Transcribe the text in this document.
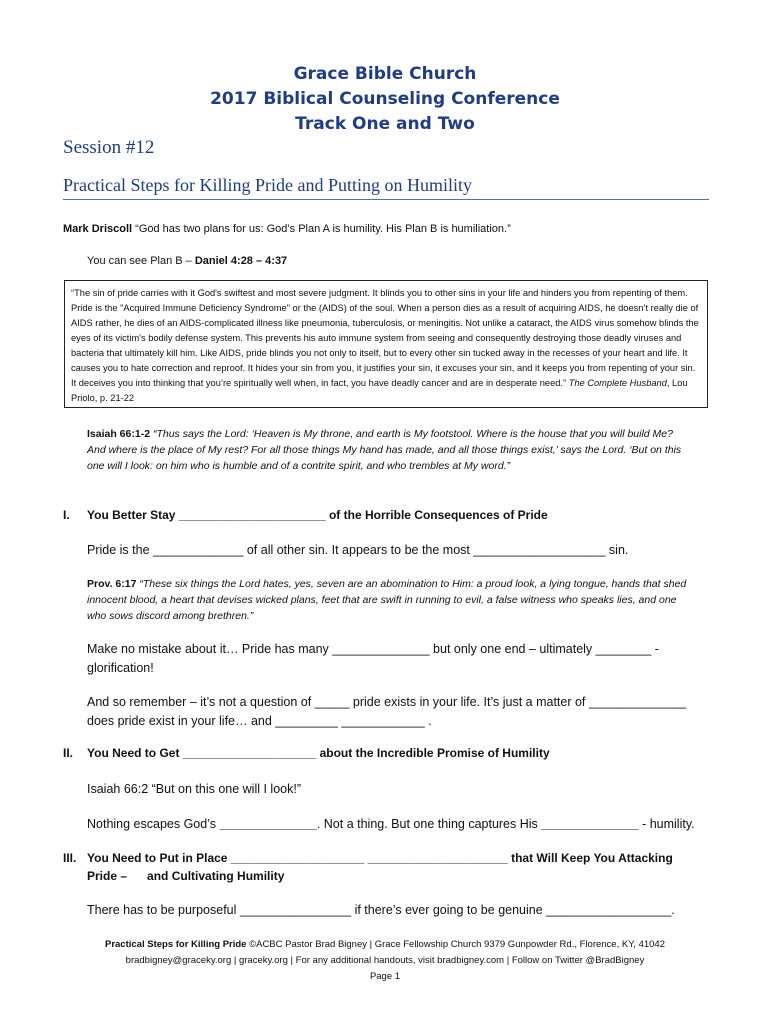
Grace Bible Church
2017 Biblical Counseling Conference
Track One and Two
Session #12
Practical Steps for Killing Pride and Putting on Humility
Mark Driscoll “God has two plans for us: God’s Plan A is humility. His Plan B is humiliation.”
You can see Plan B – Daniel 4:28 – 4:37
“The sin of pride carries with it God's swiftest and most severe judgment. It blinds you to other sins in your life and hinders you from repenting of them. Pride is the "Acquired Immune Deficiency Syndrome" or the (AIDS) of the soul. When a person dies as a result of acquiring AIDS, he doesn’t really die of AIDS rather, he dies of an AIDS-complicated illness like pneumonia, tuberculosis, or meningitis. Not unlike a cataract, the AIDS virus somehow blinds the eyes of its victim's bodily defense system. This prevents his auto immune system from seeing and consequently destroying those deadly viruses and bacteria that ultimately kill him. Like AIDS, pride blinds you not only to itself, but to every other sin tucked away in the recesses of your heart and life. It causes you to hate correction and reproof. It hides your sin from you, it justifies your sin, it excuses your sin, and it keeps you from repenting of your sin. It deceives you into thinking that you’re spiritually well when, in fact, you have deadly cancer and are in desperate need.” The Complete Husband, Lou Priolo, p. 21-22
Isaiah 66:1-2 “Thus says the Lord: ‘Heaven is My throne, and earth is My footstool. Where is the house that you will build Me? And where is the place of My rest? For all those things My hand has made, and all those things exist,’ says the Lord. ‘But on this one will I look: on him who is humble and of a contrite spirit, and who trembles at My word.”
I.	You Better Stay ______________________ of the Horrible Consequences of Pride
Pride is the _____________ of all other sin. It appears to be the most ___________________ sin.
Prov. 6:17 “These six things the Lord hates, yes, seven are an abomination to Him: a proud look, a lying tongue, hands that shed innocent blood, a heart that devises wicked plans, feet that are swift in running to evil, a false witness who speaks lies, and one who sows discord among brethren.”
Make no mistake about it… Pride has many ______________ but only one end – ultimately ________ - glorification!
And so remember – it’s not a question of _____ pride exists in your life. It’s just a matter of ______________ does pride exist in your life… and _________ ____________ .
II.	You Need to Get ____________________ about the Incredible Promise of Humility
Isaiah 66:2 “But on this one will I look!”
Nothing escapes God’s ______________. Not a thing. But one thing captures His ______________ - humility.
III. You Need to Put in Place ____________________ _____________________ that Will Keep You Attacking
Pride –      and Cultivating Humility
There has to be purposeful ________________ if there’s ever going to be genuine __________________.
Practical Steps for Killing Pride ©ACBC Pastor Brad Bigney | Grace Fellowship Church 9379 Gunpowder Rd., Florence, KY, 41042
bradbigney@graceky.org | graceky.org | For any additional handouts, visit bradbigney.com | Follow on Twitter @BradBigney
Page 1
